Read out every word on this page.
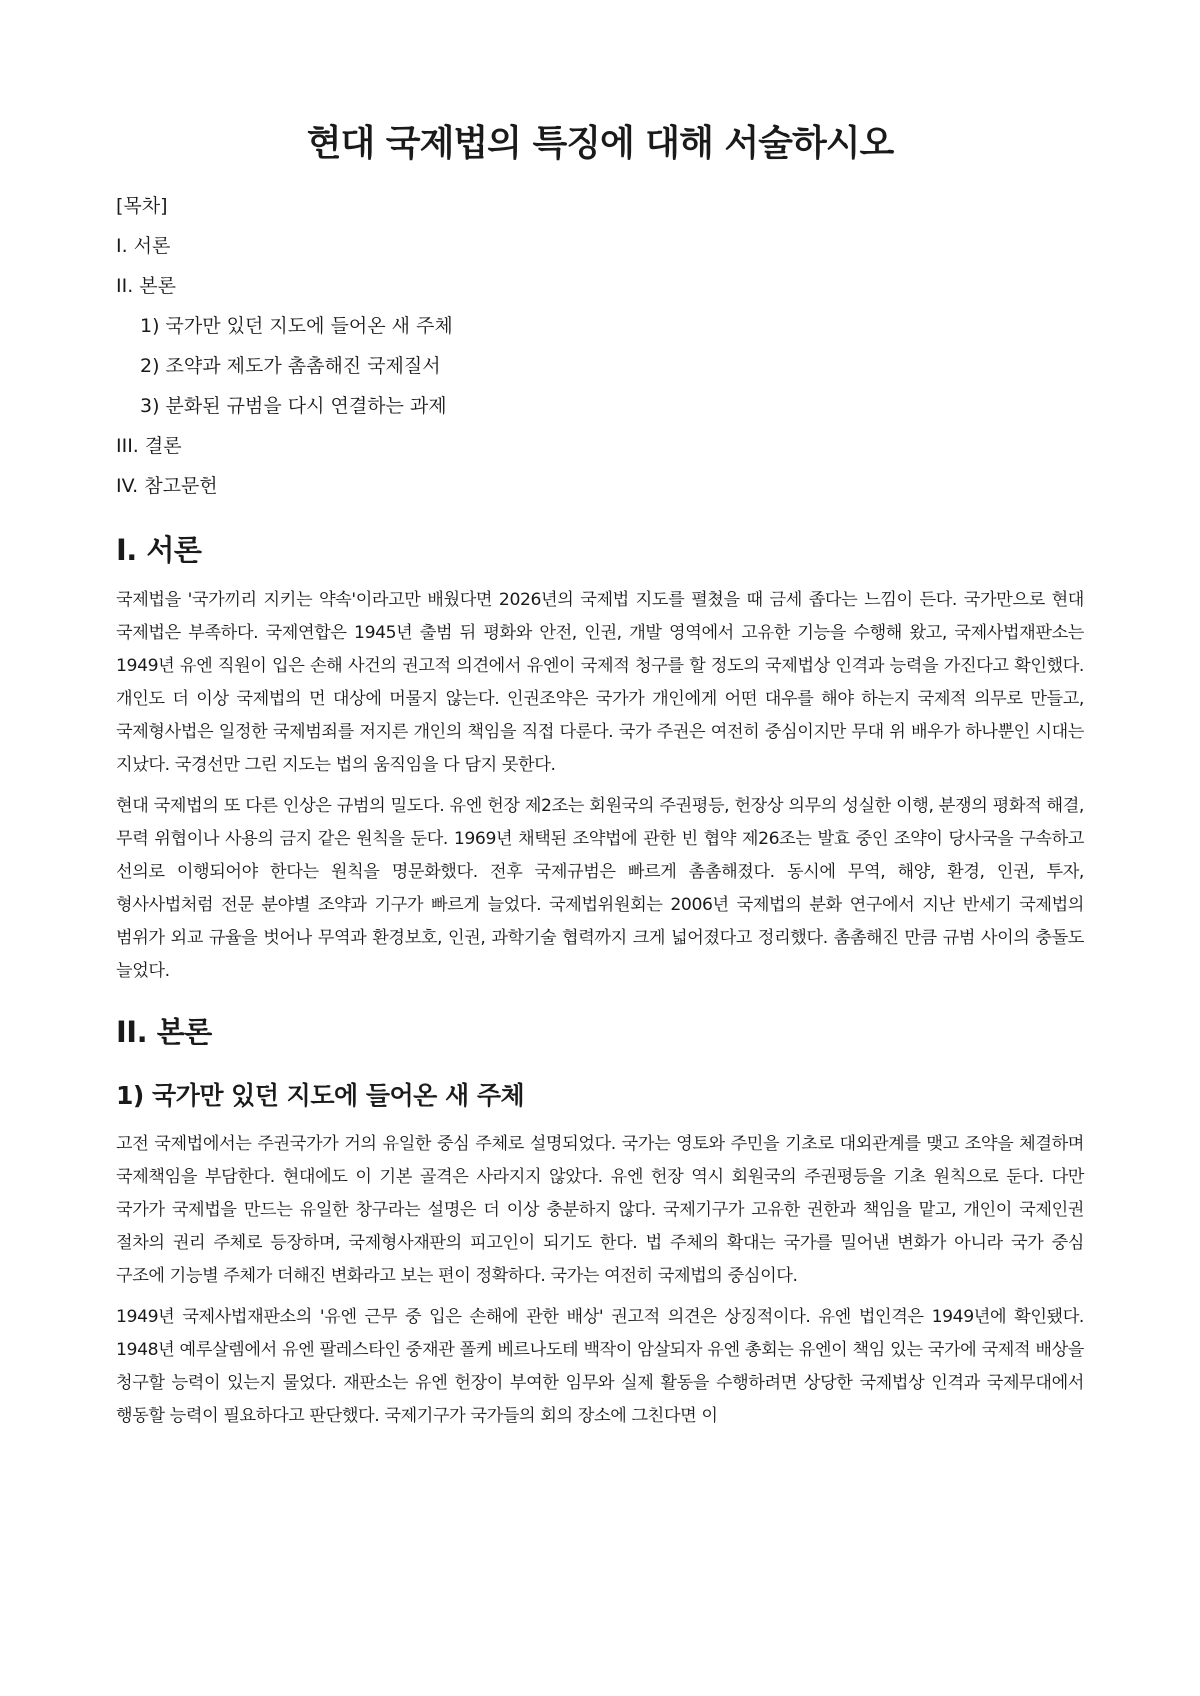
현대 국제법의 특징에 대해 서술하시오
[목차]
I. 서론
II. 본론
1) 국가만 있던 지도에 들어온 새 주체
2) 조약과 제도가 촘촘해진 국제질서
3) 분화된 규범을 다시 연결하는 과제
III. 결론
IV. 참고문헌
I. 서론

국제법을 '국가끼리 지키는 약속'이라고만 배웠다면 2026년의 국제법 지도를 펼쳤을 때 금세 좁다는 느낌이 든다. 국가만으로 현대 국제법은 부족하다. 국제연합은 1945년 출범 뒤 평화와 안전, 인권, 개발 영역에서 고유한 기능을 수행해 왔고, 국제사법재판소는 1949년 유엔 직원이 입은 손해 사건의 권고적 의견에서 유엔이 국제적 청구를 할 정도의 국제법상 인격과 능력을 가진다고 확인했다. 개인도 더 이상 국제법의 먼 대상에 머물지 않는다. 인권조약은 국가가 개인에게 어떤 대우를 해야 하는지 국제적 의무로 만들고, 국제형사법은 일정한 국제범죄를 저지른 개인의 책임을 직접 다룬다. 국가 주권은 여전히 중심이지만 무대 위 배우가 하나뿐인 시대는 지났다. 국경선만 그린 지도는 법의 움직임을 다 담지 못한다.

현대 국제법의 또 다른 인상은 규범의 밀도다. 유엔 헌장 제2조는 회원국의 주권평등, 헌장상 의무의 성실한 이행, 분쟁의 평화적 해결, 무력 위협이나 사용의 금지 같은 원칙을 둔다. 1969년 채택된 조약법에 관한 빈 협약 제26조는 발효 중인 조약이 당사국을 구속하고 선의로 이행되어야 한다는 원칙을 명문화했다. 전후 국제규범은 빠르게 촘촘해졌다. 동시에 무역, 해양, 환경, 인권, 투자, 형사사법처럼 전문 분야별 조약과 기구가 빠르게 늘었다. 국제법위원회는 2006년 국제법의 분화 연구에서 지난 반세기 국제법의 범위가 외교 규율을 벗어나 무역과 환경보호, 인권, 과학기술 협력까지 크게 넓어졌다고 정리했다. 촘촘해진 만큼 규범 사이의 충돌도 늘었다.

II. 본론
1) 국가만 있던 지도에 들어온 새 주체

고전 국제법에서는 주권국가가 거의 유일한 중심 주체로 설명되었다. 국가는 영토와 주민을 기초로 대외관계를 맺고 조약을 체결하며 국제책임을 부담한다. 현대에도 이 기본 골격은 사라지지 않았다. 유엔 헌장 역시 회원국의 주권평등을 기초 원칙으로 둔다. 다만 국가가 국제법을 만드는 유일한 창구라는 설명은 더 이상 충분하지 않다. 국제기구가 고유한 권한과 책임을 맡고, 개인이 국제인권 절차의 권리 주체로 등장하며, 국제형사재판의 피고인이 되기도 한다. 법 주체의 확대는 국가를 밀어낸 변화가 아니라 국가 중심 구조에 기능별 주체가 더해진 변화라고 보는 편이 정확하다. 국가는 여전히 국제법의 중심이다.

1949년 국제사법재판소의 '유엔 근무 중 입은 손해에 관한 배상' 권고적 의견은 상징적이다. 유엔 법인격은 1949년에 확인됐다. 1948년 예루살렘에서 유엔 팔레스타인 중재관 폴케 베르나도테 백작이 암살되자 유엔 총회는 유엔이 책임 있는 국가에 국제적 배상을 청구할 능력이 있는지 물었다. 재판소는 유엔 헌장이 부여한 임무와 실제 활동을 수행하려면 상당한 국제법상 인격과 국제무대에서 행동할 능력이 필요하다고 판단했다. 국제기구가 국가들의 회의 장소에 그친다면 이
